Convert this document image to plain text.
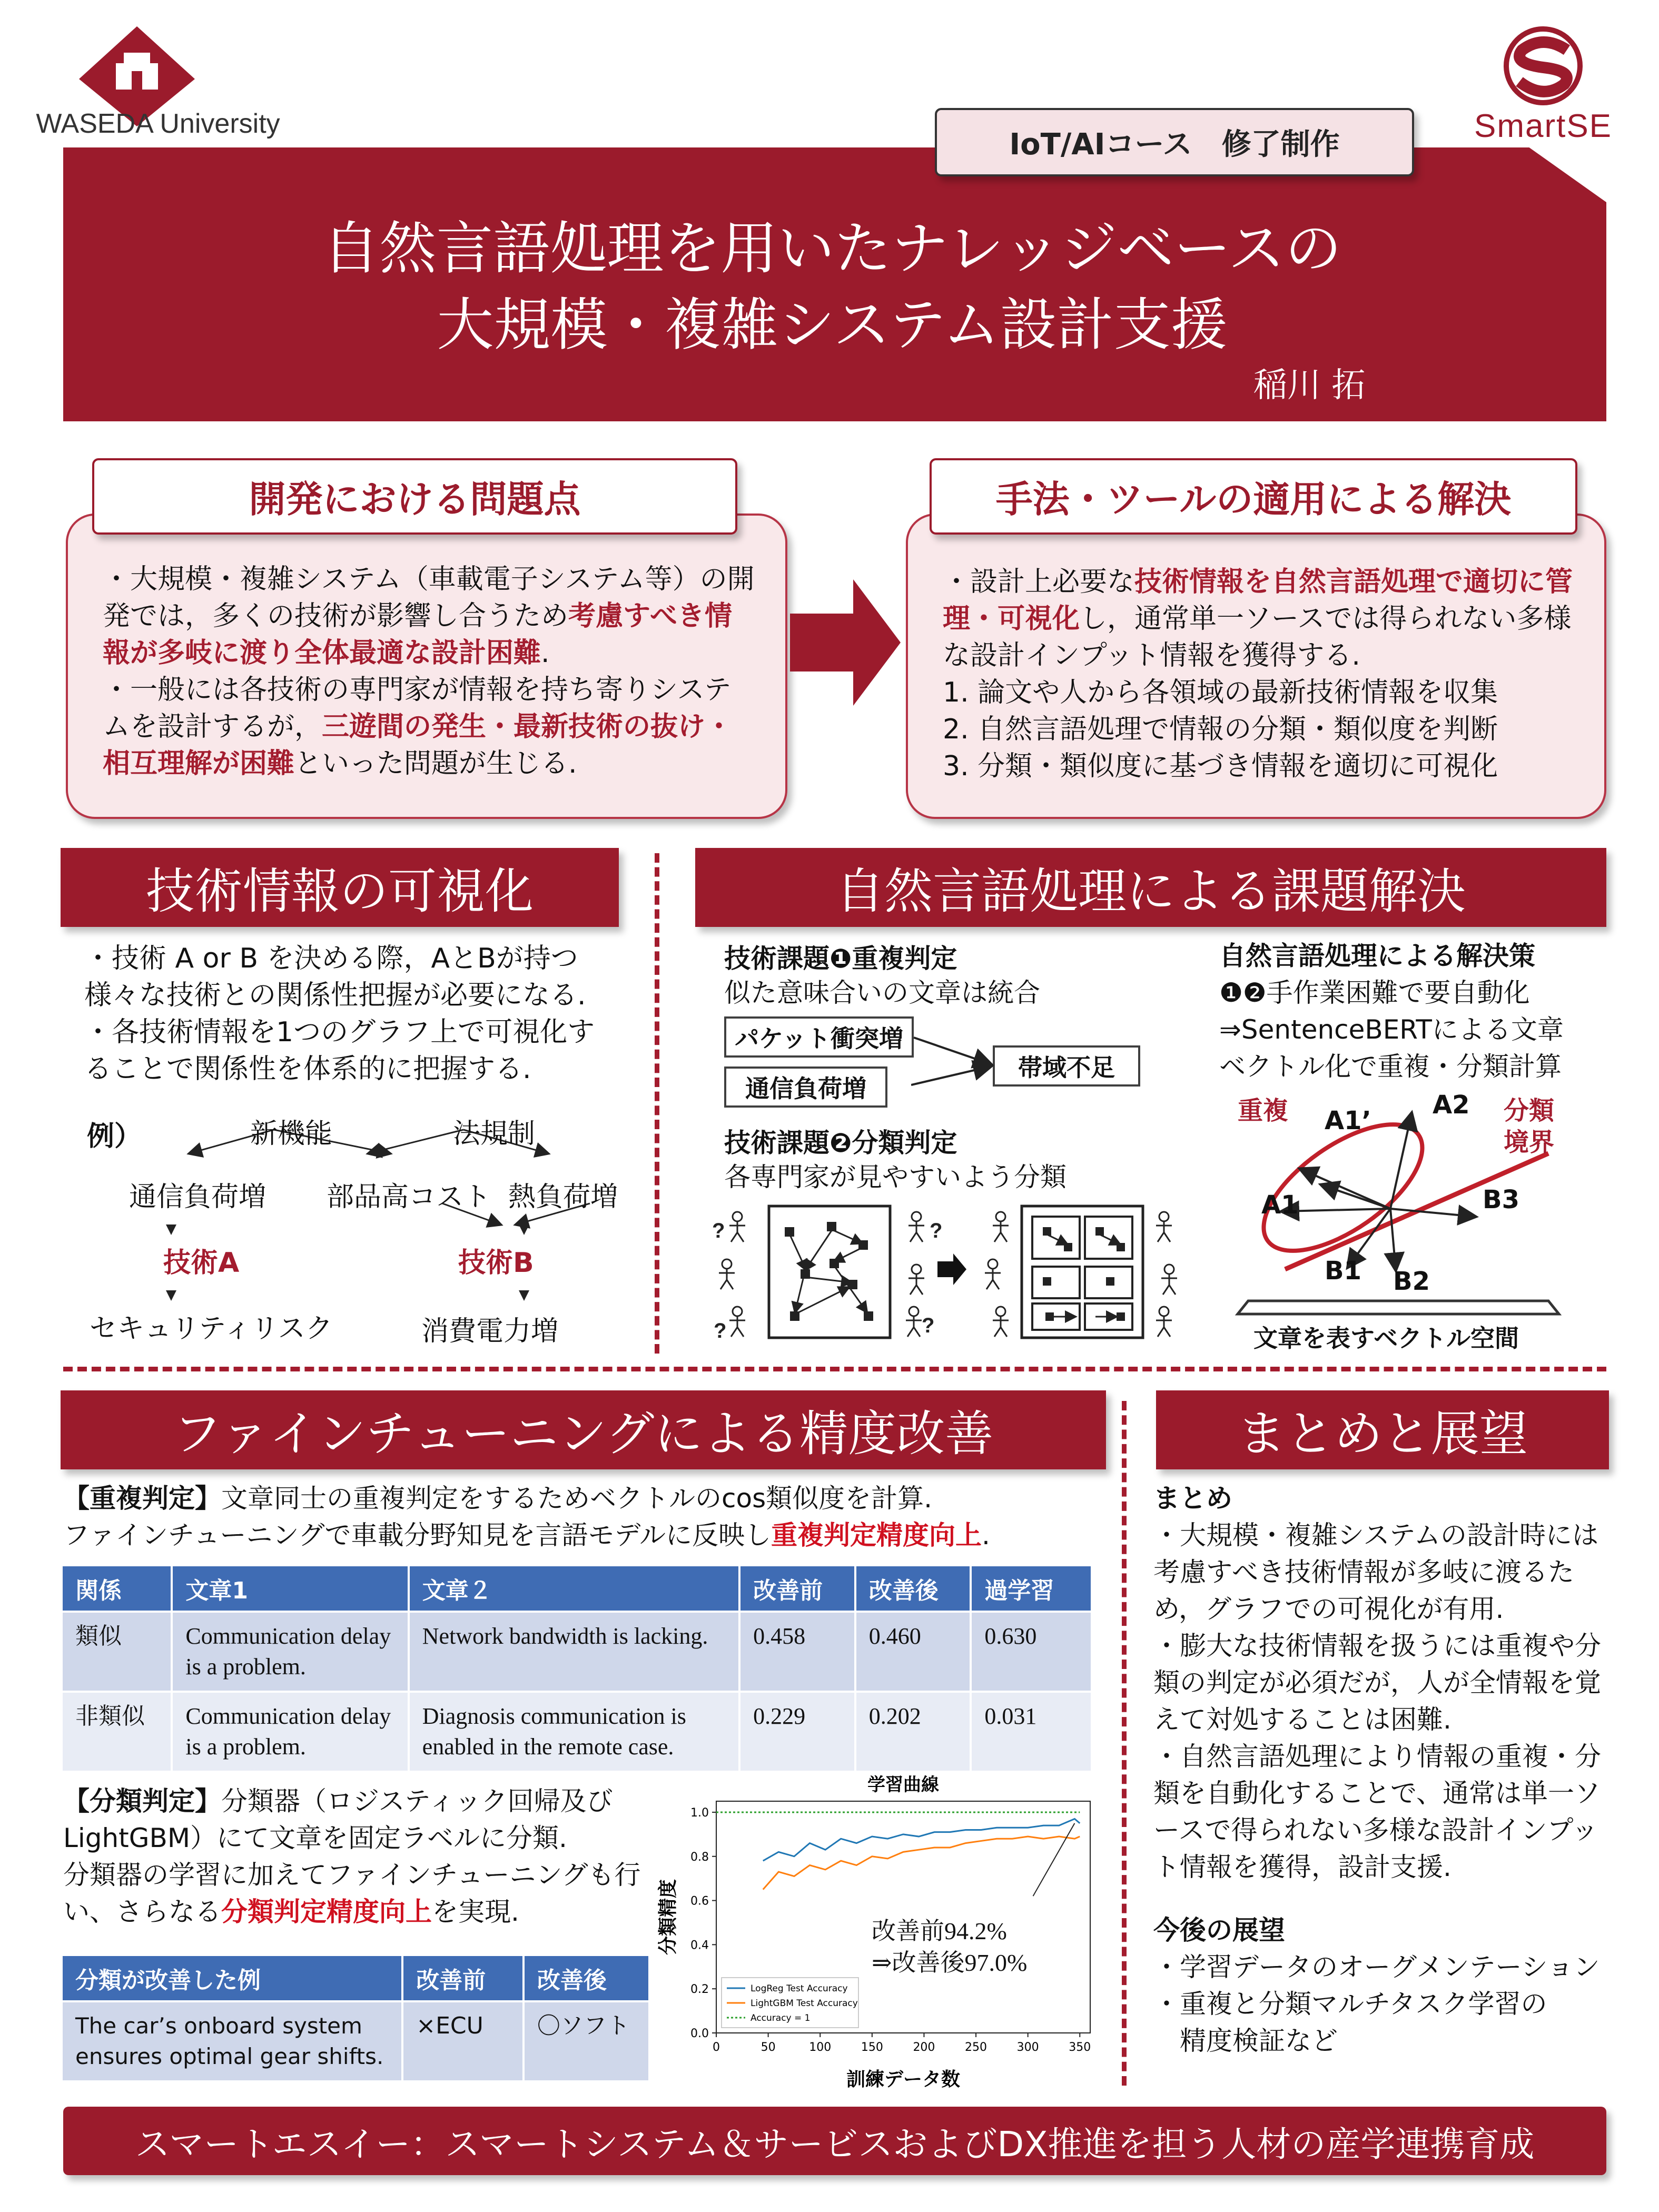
WASEDA University	SmartSE
IoT/AIコース　修了制作
自然言語処理を用いたナレッジベースの
大規模・複雑システム設計支援
稲川 拓
開発における問題点
・大規模・複雑システム（車載電子システム等）の開発では，多くの技術が影響し合うため考慮すべき情報が多岐に渡り全体最適な設計困難.
・一般には各技術の専門家が情報を持ち寄りシステムを設計するが，三遊間の発生・最新技術の抜け・相互理解が困難といった問題が生じる.
手法・ツールの適用による解決
・設計上必要な技術情報を自然言語処理で適切に管理・可視化し，通常単一ソースでは得られない多様な設計インプット情報を獲得する.
1. 論文や人から各領域の最新技術情報を収集
2. 自然言語処理で情報の分類・類似度を判断
3. 分類・類似度に基づき情報を適切に可視化
技術情報の可視化
・技術 A or B を決める際，AとBが持つ様々な技術との関係性把握が必要になる.
・各技術情報を1つのグラフ上で可視化することで関係性を体系的に把握する.
例）	新機能	法規制
通信負荷増 部品高コスト 熱負荷増
技術A	技術B
セキュリティリスク	消費電力増
自然言語処理による課題解決
技術課題❶重複判定
似た意味合いの文章は統合
パケット衝突増
通信負荷増
帯域不足
技術課題❷分類判定
各専門家が見やすいよう分類
?
?
?
?
自然言語処理による解決策
❶❷手作業困難で要自動化
⇒SentenceBERTによる文章
ベクトル化で重複・分類計算
重複	分類
境界
A1’
A2
A1	B3
B1 B2
文章を表すベクトル空間
ファインチューニングによる精度改善
【重複判定】文章同士の重複判定をするためベクトルのcos類似度を計算.
ファインチューニングで車載分野知見を言語モデルに反映し重複判定精度向上.
関係	文章1	文章２	改善前	改善後	過学習
類似	Communication delay is a problem.	Network bandwidth is lacking.	0.458	0.460	0.630
非類似	Communication delay is a problem.	Diagnosis communication is enabled in the remote case.	0.229	0.202	0.031
【分類判定】分類器（ロジスティック回帰及びLightGBM）にて文章を固定ラベルに分類.
分類器の学習に加えてファインチューニングも行い、さらなる分類判定精度向上を実現.
分類が改善した例	改善前	改善後
The car’s onboard system ensures optimal gear shifts.	×ECU	〇ソフト
学習曲線
訓練データ数
分類精度
0	50	100	150	200	250	300	350
0.0
0.2
0.4
0.6
0.8
1.0
LogReg Test Accuracy
LightGBM Test Accuracy
Accuracy = 1
改善前94.2%
⇒改善後97.0%
まとめと展望
まとめ
・大規模・複雑システムの設計時には考慮すべき技術情報が多岐に渡るため，グラフでの可視化が有用.
・膨大な技術情報を扱うには重複や分類の判定が必須だが，人が全情報を覚えて対処することは困難.
・自然言語処理により情報の重複・分類を自動化することで、通常は単一ソースで得られない多様な設計インプット情報を獲得，設計支援.
今後の展望
・学習データのオーグメンテーション
・重複と分類マルチタスク学習の
　精度検証など
スマートエスイー：スマートシステム＆サービスおよびDX推進を担う人材の産学連携育成
